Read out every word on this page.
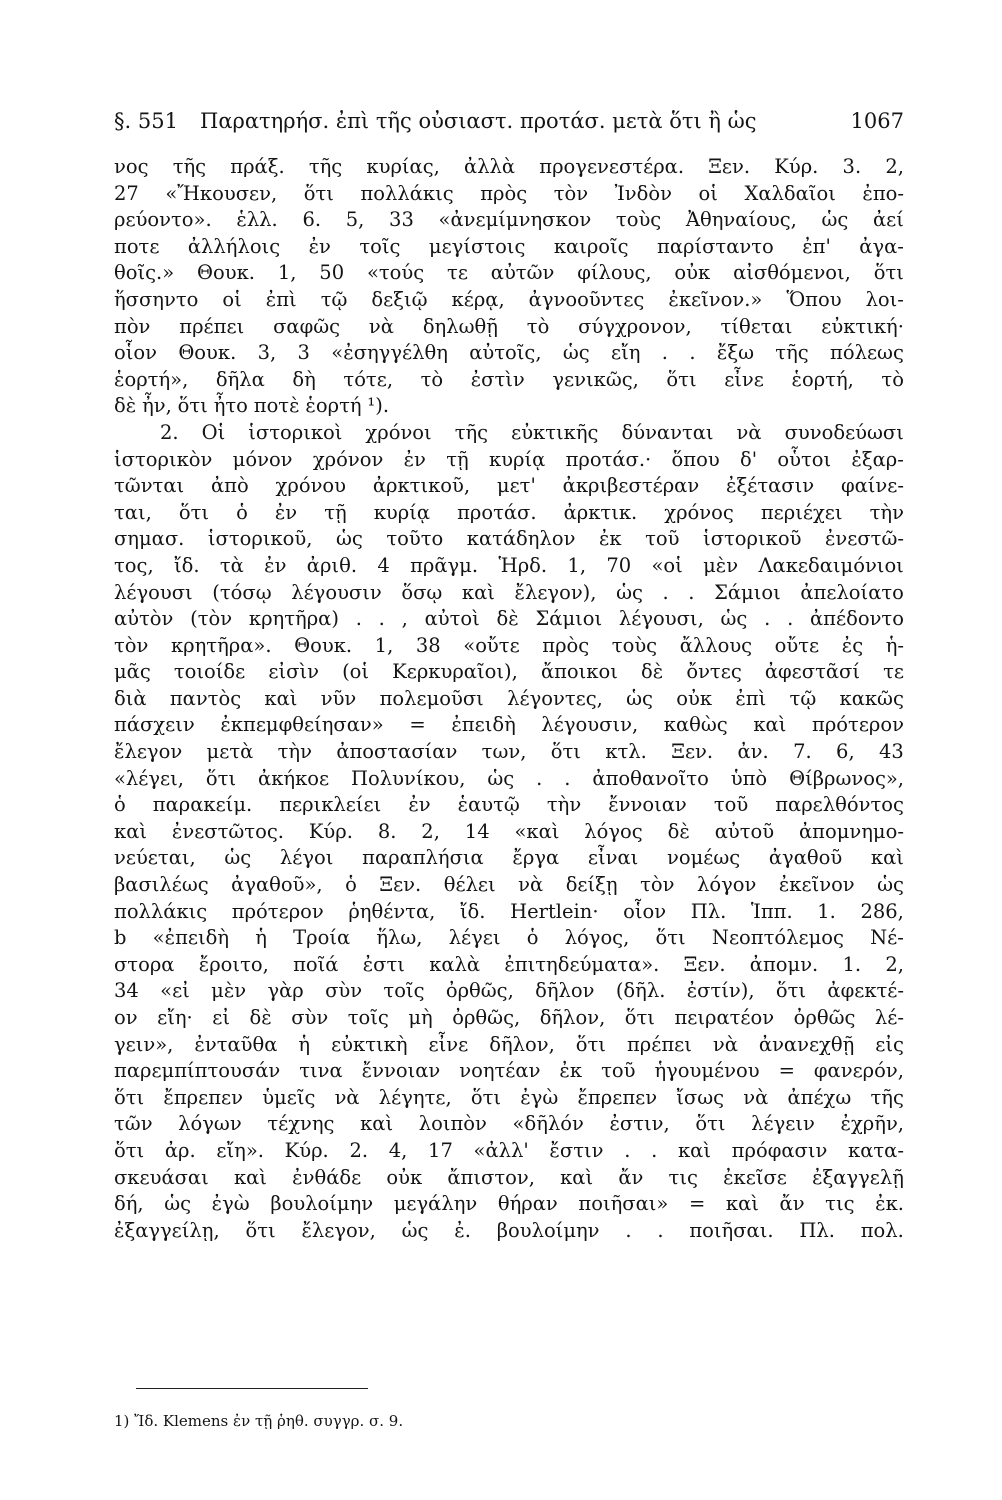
§. 551 Παρατηρήσ. ἐπὶ τῆς οὐσιαστ. προτάσ. μετὰ ὅτι ἢ ὡς	1067
νος τῆς πράξ. τῆς κυρίας, ἀλλὰ προγενεστέρα. Ξεν. Κύρ. 3. 2,
27 «Ἤκουσεν, ὅτι πολλάκις πρὸς τὸν Ἰνδὸν οἱ Χαλδαῖοι ἐπο-
ρεύοντο». ἑλλ. 6. 5, 33 «ἀνεμίμνησκον τοὺς Ἀθηναίους, ὡς ἀεί
ποτε ἀλλήλοις ἐν τοῖς μεγίστοις καιροῖς παρίσταντο ἐπ' ἀγα-
θοῖς.» Θουκ. 1, 50 «τούς τε αὐτῶν φίλους, οὐκ αἰσθόμενοι, ὅτι
ἥσσηντο οἱ ἐπὶ τῷ δεξιῷ κέρᾳ, ἀγνοοῦντες ἐκεῖνον.» Ὅπου λοι-
πὸν πρέπει σαφῶς νὰ δηλωθῇ τὸ σύγχρονον, τίθεται εὐκτική·
οἷον Θουκ. 3, 3 «ἐσηγγέλθη αὐτοῖς, ὡς εἴη . . ἔξω τῆς πόλεως
ἑορτή», δῆλα δὴ τότε, τὸ ἐστὶν γενικῶς, ὅτι εἶνε ἑορτή, τὸ
δὲ ἦν, ὅτι ἦτο ποτὲ ἑορτή ¹).
2. Οἱ ἱστορικοὶ χρόνοι τῆς εὐκτικῆς δύνανται νὰ συνοδεύωσι
ἱστορικὸν μόνον χρόνον ἐν τῇ κυρίᾳ προτάσ.· ὅπου δ' οὗτοι ἐξαρ-
τῶνται ἀπὸ χρόνου ἀρκτικοῦ, μετ' ἀκριβεστέραν ἐξέτασιν φαίνε-
ται, ὅτι ὁ ἐν τῇ κυρίᾳ προτάσ. ἀρκτικ. χρόνος περιέχει τὴν
σημασ. ἱστορικοῦ, ὡς τοῦτο κατάδηλον ἐκ τοῦ ἱστορικοῦ ἐνεστῶ-
τος, ἴδ. τὰ ἐν ἀριθ. 4 πρᾶγμ. Ἡρδ. 1, 70 «οἱ μὲν Λακεδαιμόνιοι
λέγουσι (τόσῳ λέγουσιν ὅσῳ καὶ ἔλεγον), ὡς . . Σάμιοι ἀπελοίατο
αὐτὸν (τὸν κρητῆρα) . . , αὐτοὶ δὲ Σάμιοι λέγουσι, ὡς . . ἀπέδοντο
τὸν κρητῆρα». Θουκ. 1, 38 «οὔτε πρὸς τοὺς ἄλλους οὔτε ἐς ἡ-
μᾶς τοιοίδε εἰσὶν (οἱ Κερκυραῖοι), ἄποικοι δὲ ὄντες ἀφεστᾶσί τε
διὰ παντὸς καὶ νῦν πολεμοῦσι λέγοντες, ὡς οὐκ ἐπὶ τῷ κακῶς
πάσχειν ἐκπεμφθείησαν» = ἐπειδὴ λέγουσιν, καθὼς καὶ πρότερον
ἔλεγον μετὰ τὴν ἀποστασίαν των, ὅτι κτλ. Ξεν. ἀν. 7. 6, 43
«λέγει, ὅτι ἀκήκοε Πολυνίκου, ὡς . . ἀποθανοῖτο ὑπὸ Θίβρωνος»,
ὁ παρακείμ. περικλείει ἐν ἑαυτῷ τὴν ἔννοιαν τοῦ παρελθόντος
καὶ ἐνεστῶτος. Κύρ. 8. 2, 14 «καὶ λόγος δὲ αὐτοῦ ἀπομνημο-
νεύεται, ὡς λέγοι παραπλήσια ἔργα εἶναι νομέως ἀγαθοῦ καὶ
βασιλέως ἀγαθοῦ», ὁ Ξεν. θέλει νὰ δείξῃ τὸν λόγον ἐκεῖνον ὡς
πολλάκις πρότερον ῥηθέντα, ἴδ. Hertlein· οἷον Πλ. Ἱππ. 1. 286,
b «ἐπειδὴ ἡ Τροία ἥλω, λέγει ὁ λόγος, ὅτι Νεοπτόλεμος Νέ-
στορα ἔροιτο, ποῖά ἐστι καλὰ ἐπιτηδεύματα». Ξεν. ἀπομν. 1. 2,
34 «εἰ μὲν γὰρ σὺν τοῖς ὀρθῶς, δῆλον (δῆλ. ἐστίν), ὅτι ἀφεκτέ-
ον εἴη· εἰ δὲ σὺν τοῖς μὴ ὀρθῶς, δῆλον, ὅτι πειρατέον ὀρθῶς λέ-
γειν», ἐνταῦθα ἡ εὐκτικὴ εἶνε δῆλον, ὅτι πρέπει νὰ ἀνανεχθῇ εἰς
παρεμπίπτουσάν τινα ἔννοιαν νοητέαν ἐκ τοῦ ἡγουμένου = φανερόν,
ὅτι ἔπρεπεν ὑμεῖς νὰ λέγητε, ὅτι ἐγὼ ἔπρεπεν ἴσως νὰ ἀπέχω τῆς
τῶν λόγων τέχνης καὶ λοιπὸν «δῆλόν ἐστιν, ὅτι λέγειν ἐχρῆν,
ὅτι ἀρ. εἴη». Κύρ. 2. 4, 17 «ἀλλ' ἔστιν . . καὶ πρόφασιν κατα-
σκευάσαι καὶ ἐνθάδε οὐκ ἄπιστον, καὶ ἄν τις ἐκεῖσε ἐξαγγελῇ
δή, ὡς ἐγὼ βουλοίμην μεγάλην θήραν ποιῆσαι» = καὶ ἄν τις ἐκ.
ἐξαγγείλῃ, ὅτι ἔλεγον, ὡς ἐ. βουλοίμην . . ποιῆσαι. Πλ. πολ.
1) Ἴδ. Klemens ἐν τῇ ῥηθ. συγγρ. σ. 9.
